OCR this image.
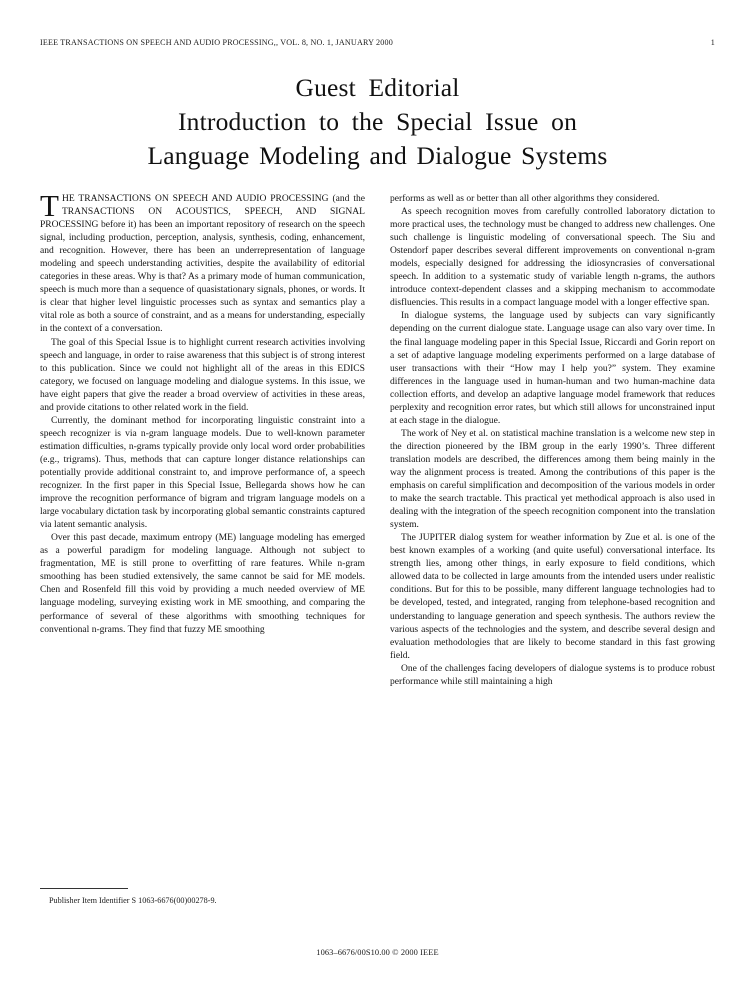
IEEE TRANSACTIONS ON SPEECH AND AUDIO PROCESSING,, VOL. 8, NO. 1, JANUARY 2000	1
Guest Editorial
Introduction to the Special Issue on
Language Modeling and Dialogue Systems

THE TRANSACTIONS ON SPEECH AND AUDIO PROCESSING (and the TRANSACTIONS ON ACOUSTICS, SPEECH, AND SIGNAL PROCESSING before it) has been an important repository of research on the speech signal, including production, perception, analysis, synthesis, coding, enhancement, and recognition. However, there has been an underrepresentation of language modeling and speech understanding activities, despite the availability of editorial categories in these areas. Why is that? As a primary mode of human communication, speech is much more than a sequence of quasistationary signals, phones, or words. It is clear that higher level linguistic processes such as syntax and semantics play a vital role as both a source of constraint, and as a means for understanding, especially in the context of a conversation.

The goal of this Special Issue is to highlight current research activities involving speech and language, in order to raise awareness that this subject is of strong interest to this publication. Since we could not highlight all of the areas in this EDICS category, we focused on language modeling and dialogue systems. In this issue, we have eight papers that give the reader a broad overview of activities in these areas, and provide citations to other related work in the field.

Currently, the dominant method for incorporating linguistic constraint into a speech recognizer is via n-gram language models. Due to well-known parameter estimation difficulties, n-grams typically provide only local word order probabilities (e.g., trigrams). Thus, methods that can capture longer distance relationships can potentially provide additional constraint to, and improve performance of, a speech recognizer. In the first paper in this Special Issue, Bellegarda shows how he can improve the recognition performance of bigram and trigram language models on a large vocabulary dictation task by incorporating global semantic constraints captured via latent semantic analysis.

Over this past decade, maximum entropy (ME) language modeling has emerged as a powerful paradigm for modeling language. Although not subject to fragmentation, ME is still prone to overfitting of rare features. While n-gram smoothing has been studied extensively, the same cannot be said for ME models. Chen and Rosenfeld fill this void by providing a much needed overview of ME language modeling, surveying existing work in ME smoothing, and comparing the performance of several of these algorithms with smoothing techniques for conventional n-grams. They find that fuzzy ME smoothing

performs as well as or better than all other algorithms they considered.

As speech recognition moves from carefully controlled laboratory dictation to more practical uses, the technology must be changed to address new challenges. One such challenge is linguistic modeling of conversational speech. The Siu and Ostendorf paper describes several different improvements on conventional n-gram models, especially designed for addressing the idiosyncrasies of conversational speech. In addition to a systematic study of variable length n-grams, the authors introduce context-dependent classes and a skipping mechanism to accommodate disfluencies. This results in a compact language model with a longer effective span.

In dialogue systems, the language used by subjects can vary significantly depending on the current dialogue state. Language usage can also vary over time. In the final language modeling paper in this Special Issue, Riccardi and Gorin report on a set of adaptive language modeling experiments performed on a large database of user transactions with their “How may I help you?” system. They examine differences in the language used in human-human and two human-machine data collection efforts, and develop an adaptive language model framework that reduces perplexity and recognition error rates, but which still allows for unconstrained input at each stage in the dialogue.

The work of Ney et al. on statistical machine translation is a welcome new step in the direction pioneered by the IBM group in the early 1990’s. Three different translation models are described, the differences among them being mainly in the way the alignment process is treated. Among the contributions of this paper is the emphasis on careful simplification and decomposition of the various models in order to make the search tractable. This practical yet methodical approach is also used in dealing with the integration of the speech recognition component into the translation system.

The JUPITER dialog system for weather information by Zue et al. is one of the best known examples of a working (and quite useful) conversational interface. Its strength lies, among other things, in early exposure to field conditions, which allowed data to be collected in large amounts from the intended users under realistic conditions. But for this to be possible, many different language technologies had to be developed, tested, and integrated, ranging from telephone-based recognition and understanding to language generation and speech synthesis. The authors review the various aspects of the technologies and the system, and describe several design and evaluation methodologies that are likely to become standard in this fast growing field.

One of the challenges facing developers of dialogue systems is to produce robust performance while still maintaining a high

Publisher Item Identifier S 1063-6676(00)00278-9.
1063–6676/00S10.00 © 2000 IEEE
